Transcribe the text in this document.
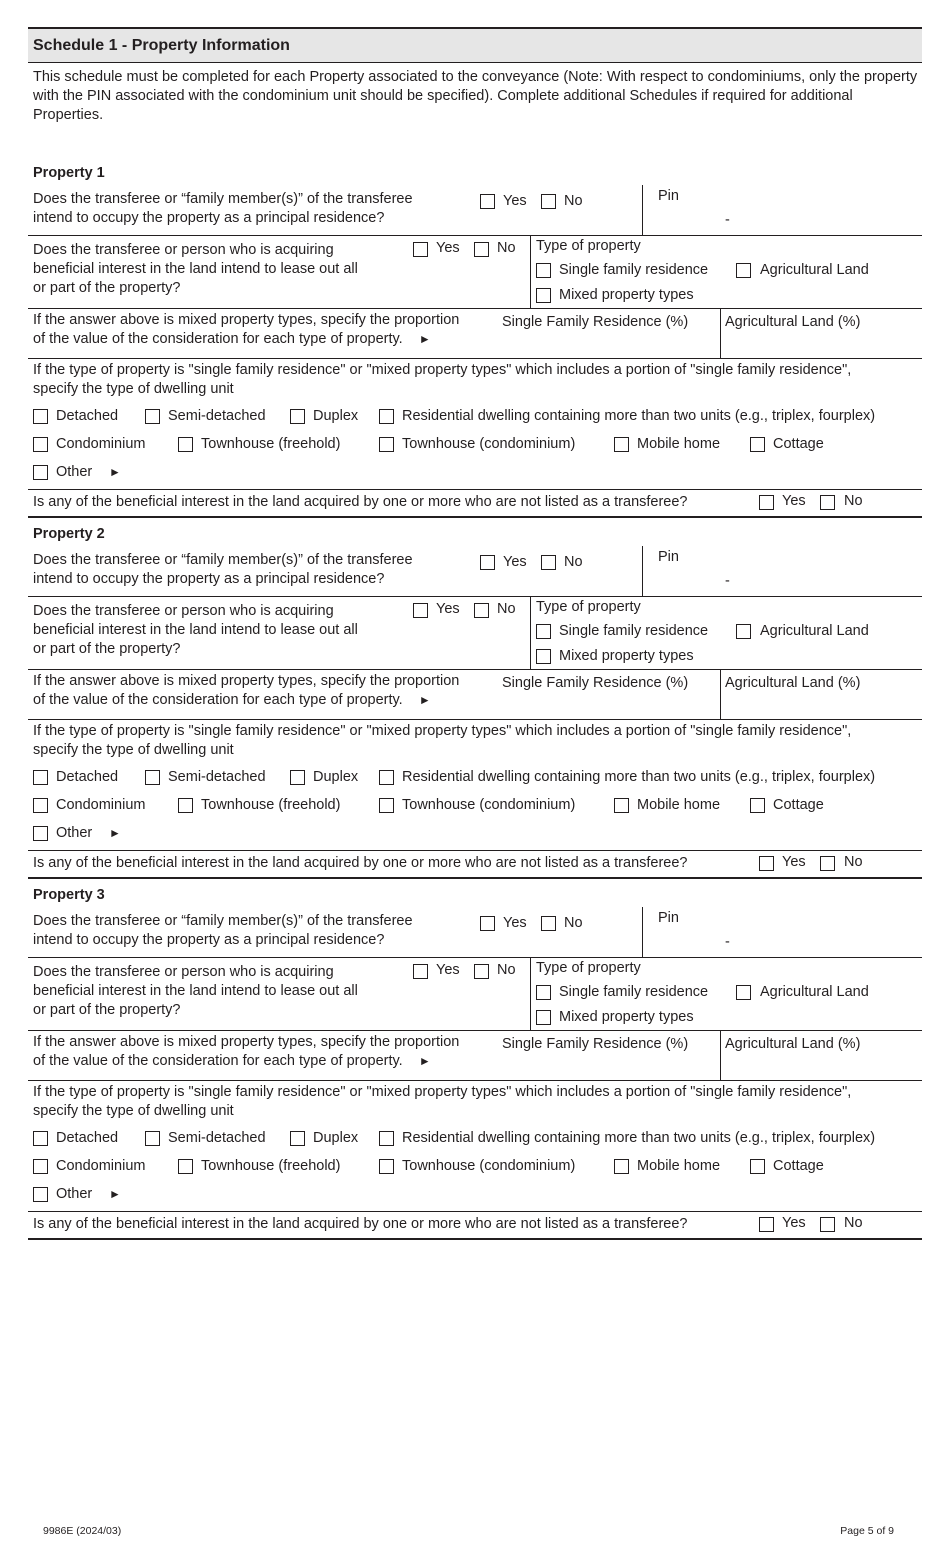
Schedule 1 - Property Information
This schedule must be completed for each Property associated to the conveyance (Note: With respect to condominiums, only the property with the PIN associated with the condominium unit should be specified). Complete additional Schedules if required for additional Properties.
Property 1
Does the transferee or “family member(s)” of the transferee
intend to occupy the property as a principal residence?
Yes	No	Pin
-
Does the transferee or person who is acquiring
beneficial interest in the land intend to lease out all
or part of the property?
Yes	No Type of property
Single family residence	Agricultural Land
Mixed property types
If the answer above is mixed property types, specify the proportion
of the value of the consideration for each type of property. ►
Single Family Residence (%)	Agricultural Land (%)
If the type of property is "single family residence" or "mixed property types" which includes a portion of "single family residence",
specify the type of dwelling unit
Detached	Semi-detached	Duplex	Residential dwelling containing more than two units (e.g., triplex, fourplex)
Condominium	Townhouse (freehold)	Townhouse (condominium)	Mobile home	Cottage
Other ►
Is any of the beneficial interest in the land acquired by one or more who are not listed as a transferee?	Yes	No
Property 2
Does the transferee or “family member(s)” of the transferee
intend to occupy the property as a principal residence?
Yes	No	Pin
-
Does the transferee or person who is acquiring
beneficial interest in the land intend to lease out all
or part of the property?
Yes	No Type of property
Single family residence	Agricultural Land
Mixed property types
If the answer above is mixed property types, specify the proportion
of the value of the consideration for each type of property. ►
Single Family Residence (%)	Agricultural Land (%)
If the type of property is "single family residence" or "mixed property types" which includes a portion of "single family residence",
specify the type of dwelling unit
Detached	Semi-detached	Duplex	Residential dwelling containing more than two units (e.g., triplex, fourplex)
Condominium	Townhouse (freehold)	Townhouse (condominium)	Mobile home	Cottage
Other ►
Is any of the beneficial interest in the land acquired by one or more who are not listed as a transferee?	Yes	No
Property 3
Does the transferee or “family member(s)” of the transferee
intend to occupy the property as a principal residence?
Yes	No	Pin
-
Does the transferee or person who is acquiring
beneficial interest in the land intend to lease out all
or part of the property?
Yes	No Type of property
Single family residence	Agricultural Land
Mixed property types
If the answer above is mixed property types, specify the proportion
of the value of the consideration for each type of property. ►
Single Family Residence (%)	Agricultural Land (%)
If the type of property is "single family residence" or "mixed property types" which includes a portion of "single family residence",
specify the type of dwelling unit
Detached	Semi-detached	Duplex	Residential dwelling containing more than two units (e.g., triplex, fourplex)
Condominium	Townhouse (freehold)	Townhouse (condominium)	Mobile home	Cottage
Other ►
Is any of the beneficial interest in the land acquired by one or more who are not listed as a transferee?	Yes	No
9986E (2024/03)	Page 5 of 9
